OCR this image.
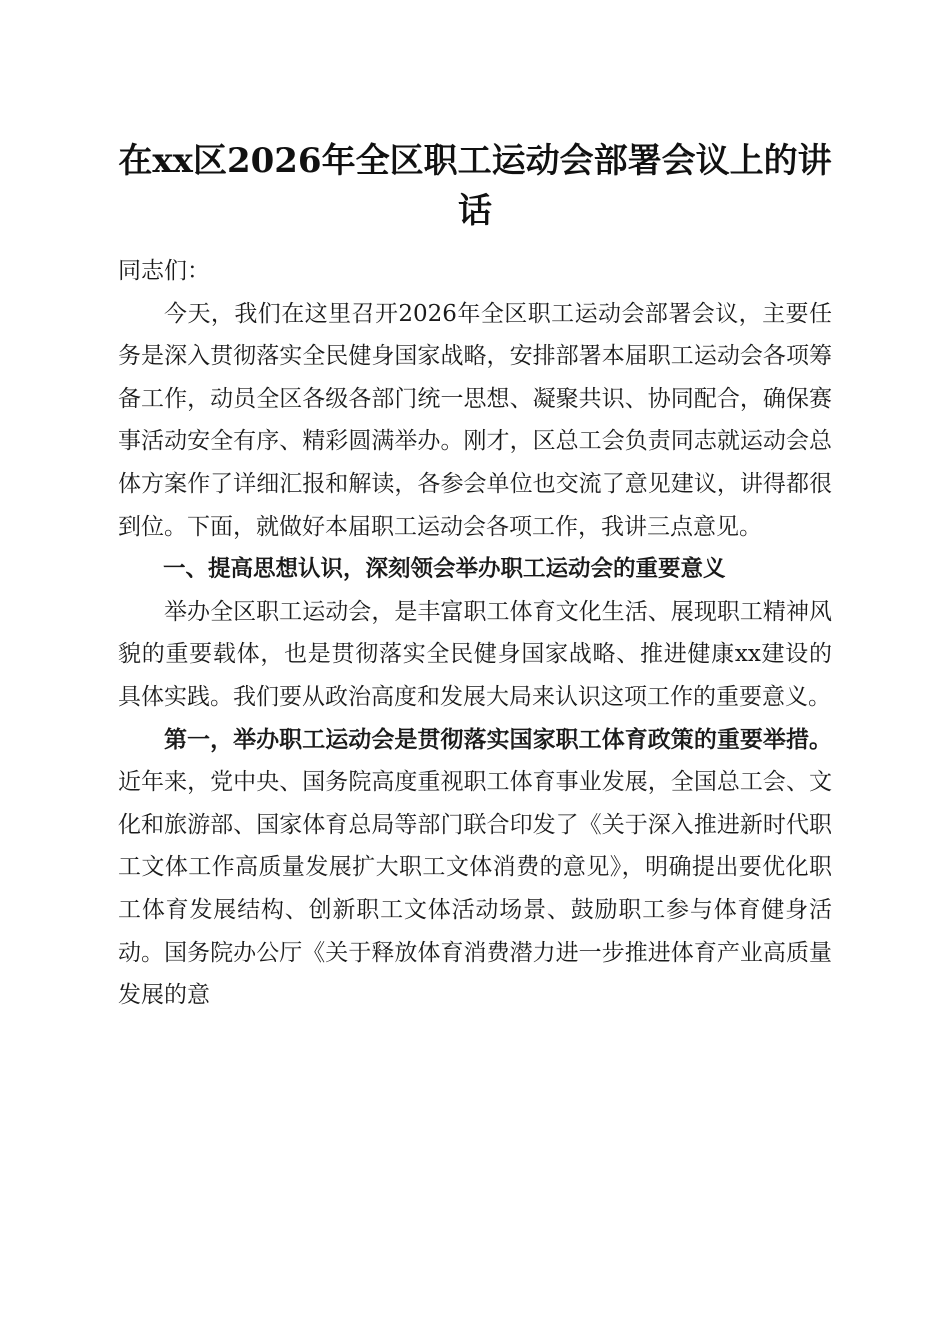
在xx区2026年全区职工运动会部署会议上的讲话

同志们：

今天，我们在这里召开2026年全区职工运动会部署会议，主要任务是深入贯彻落实全民健身国家战略，安排部署本届职工运动会各项筹备工作，动员全区各级各部门统一思想、凝聚共识、协同配合，确保赛事活动安全有序、精彩圆满举办。刚才，区总工会负责同志就运动会总体方案作了详细汇报和解读，各参会单位也交流了意见建议，讲得都很到位。下面，就做好本届职工运动会各项工作，我讲三点意见。

一、提高思想认识，深刻领会举办职工运动会的重要意义

举办全区职工运动会，是丰富职工体育文化生活、展现职工精神风貌的重要载体，也是贯彻落实全民健身国家战略、推进健康xx建设的具体实践。我们要从政治高度和发展大局来认识这项工作的重要意义。

第一，举办职工运动会是贯彻落实国家职工体育政策的重要举措。近年来，党中央、国务院高度重视职工体育事业发展，全国总工会、文化和旅游部、国家体育总局等部门联合印发了《关于深入推进新时代职工文体工作高质量发展扩大职工文体消费的意见》，明确提出要优化职工体育发展结构、创新职工文体活动场景、鼓励职工参与体育健身活动。国务院办公厅《关于释放体育消费潜力进一步推进体育产业高质量发展的意
